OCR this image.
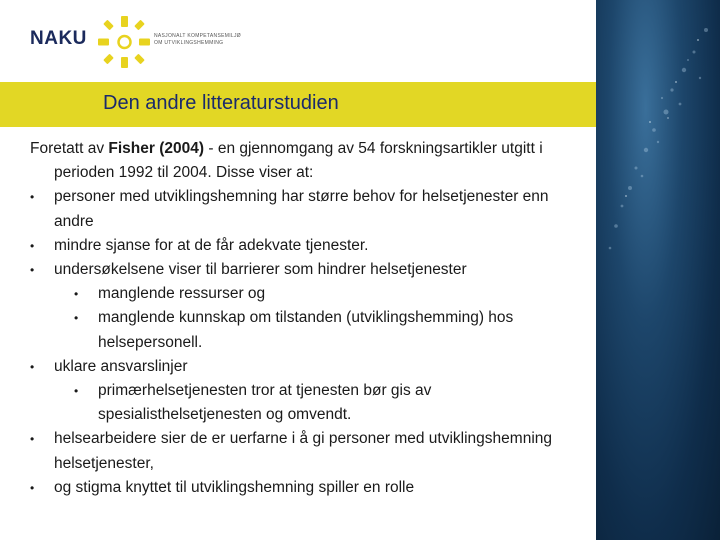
NAKU	NASJONALT KOMPETANSEMILJØ
OM UTVIKLINGSHEMMING
Den andre litteraturstudien

Foretatt av Fisher (2004) - en gjennomgang av 54 forskningsartikler utgitt i perioden 1992 til 2004. Disse viser at:

• personer med utviklingshemning har større behov for helsetjenester enn andre

• mindre sjanse for at de får adekvate tjenester.

• undersøkelsene viser til barrierer som hindrer helsetjenester

• manglende ressurser og

• manglende kunnskap om tilstanden (utviklingshemming) hos helsepersonell.

• uklare ansvarslinjer

• primærhelsetjenesten tror at tjenesten bør gis av spesialisthelsetjenesten og omvendt.

• helsearbeidere sier de er uerfarne i å gi personer med utviklingshemning helsetjenester,

• og stigma knyttet til utviklingshemning spiller en rolle
